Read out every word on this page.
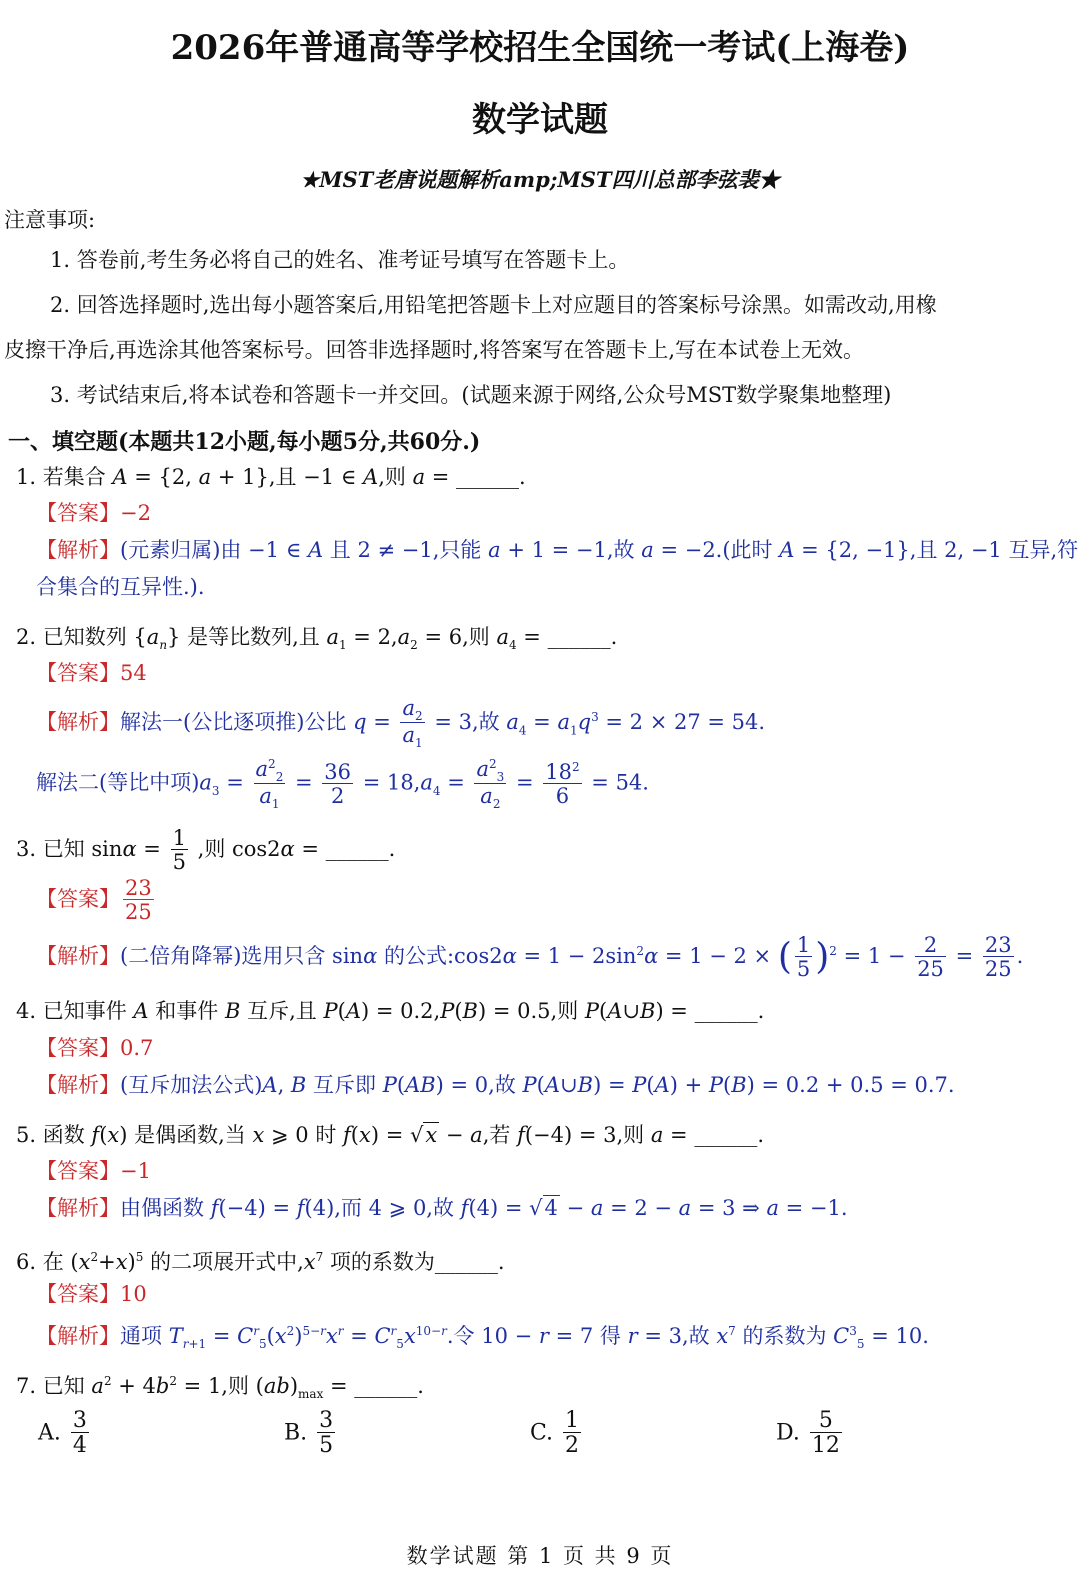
2026年普通高等学校招生全国统一考试(上海卷)
数学试题
★MST老唐说题解析amp;MST四川总部李弦裴★
注意事项:
1. 答卷前,考生务必将自己的姓名、准考证号填写在答题卡上。
2. 回答选择题时,选出每小题答案后,用铅笔把答题卡上对应题目的答案标号涂黑。如需改动,用橡
皮擦干净后,再选涂其他答案标号。回答非选择题时,将答案写在答题卡上,写在本试卷上无效。
3. 考试结束后,将本试卷和答题卡一并交回。(试题来源于网络,公众号MST数学聚集地整理)
一、填空题(本题共12小题,每小题5分,共60分.)
1. 若集合 A = {2, a + 1},且 −1 ∈ A,则 a = ______.
【答案】−2
【解析】(元素归属)由 −1 ∈ A 且 2 ≠ −1,只能 a + 1 = −1,故 a = −2.(此时 A = {2, −1},且 2, −1 互异,符
合集合的互异性.).
2. 已知数列 $\{a_n\}$ 是等比数列,且 $a_1 = 2,a_2 = 6$,则 $a_4$ = ______.
【答案】54
【解析】解法一(公比逐项推)公比 $q = \frac{a_2}{a_1} = 3$,故 $a_4 = a_1q^3 = 2 \times 27 = 54$.
解法二(等比中项)$a_3 = \frac{a^2_2}{a_1} = \frac{36}{2} = 18,a_4 = \frac{a^2_3}{a_2} = \frac{18^2}{6} = 54$.
3. 已知 $\sin\alpha = \frac{1}{5}$ ,则 cos2α = ______.
【答案】 $\frac{23}{25}$
【解析】(二倍角降幂)选用只含 sinα 的公式:cos2α = $1 - 2\sin^2\alpha = 1 - 2$ × ( $\frac{1}{5} )^2 = 1 - \frac{2}{25} = \frac{23}{25}$ .
4. 已知事件 A 和事件 B 互斥,且 P(A) = 0.2,P(B) = 0.5,则 P(A∪B) = ______.
【答案】0.7
【解析】(互斥加法公式)A, B 互斥即 P(AB) = 0,故 P(A∪B) = P(A) + P(B) = 0.2 + 0.5 = 0.7.
5. 函数 f(x) 是偶函数,当 x ⩾ 0 时 f(x) = √x − a,若 f(−4) = 3,则 a = ______.
【答案】−1
【解析】由偶函数 f(−4) = f(4),而 4 ⩾ 0,故 f(4) = √4 − a = 2 − a = 3 ⇒ a = −1.
6. 在 $(x^2+x)^5$ 的二项展开式中$,x^7$ 项的系数为______.
【答案】10
【解析】通项 $T_{r+1} = C^r_5(x^2)^{5-r}x^r = C^r_5x^{10-r}$.令 10 − r = 7 得 r = 3,故 $x^7$ 的系数为 $C^3_5 = 10$.
7. 已知 $a^2 + 4b^2 = 1$,则 $(ab)_{max}$ = ______.
A. $\frac{3}{4}$	B. $\frac{3}{5}$	C. $\frac{1}{2}$	D. $\frac{5}{12}$
数学试题 第 1 页 共 9 页
